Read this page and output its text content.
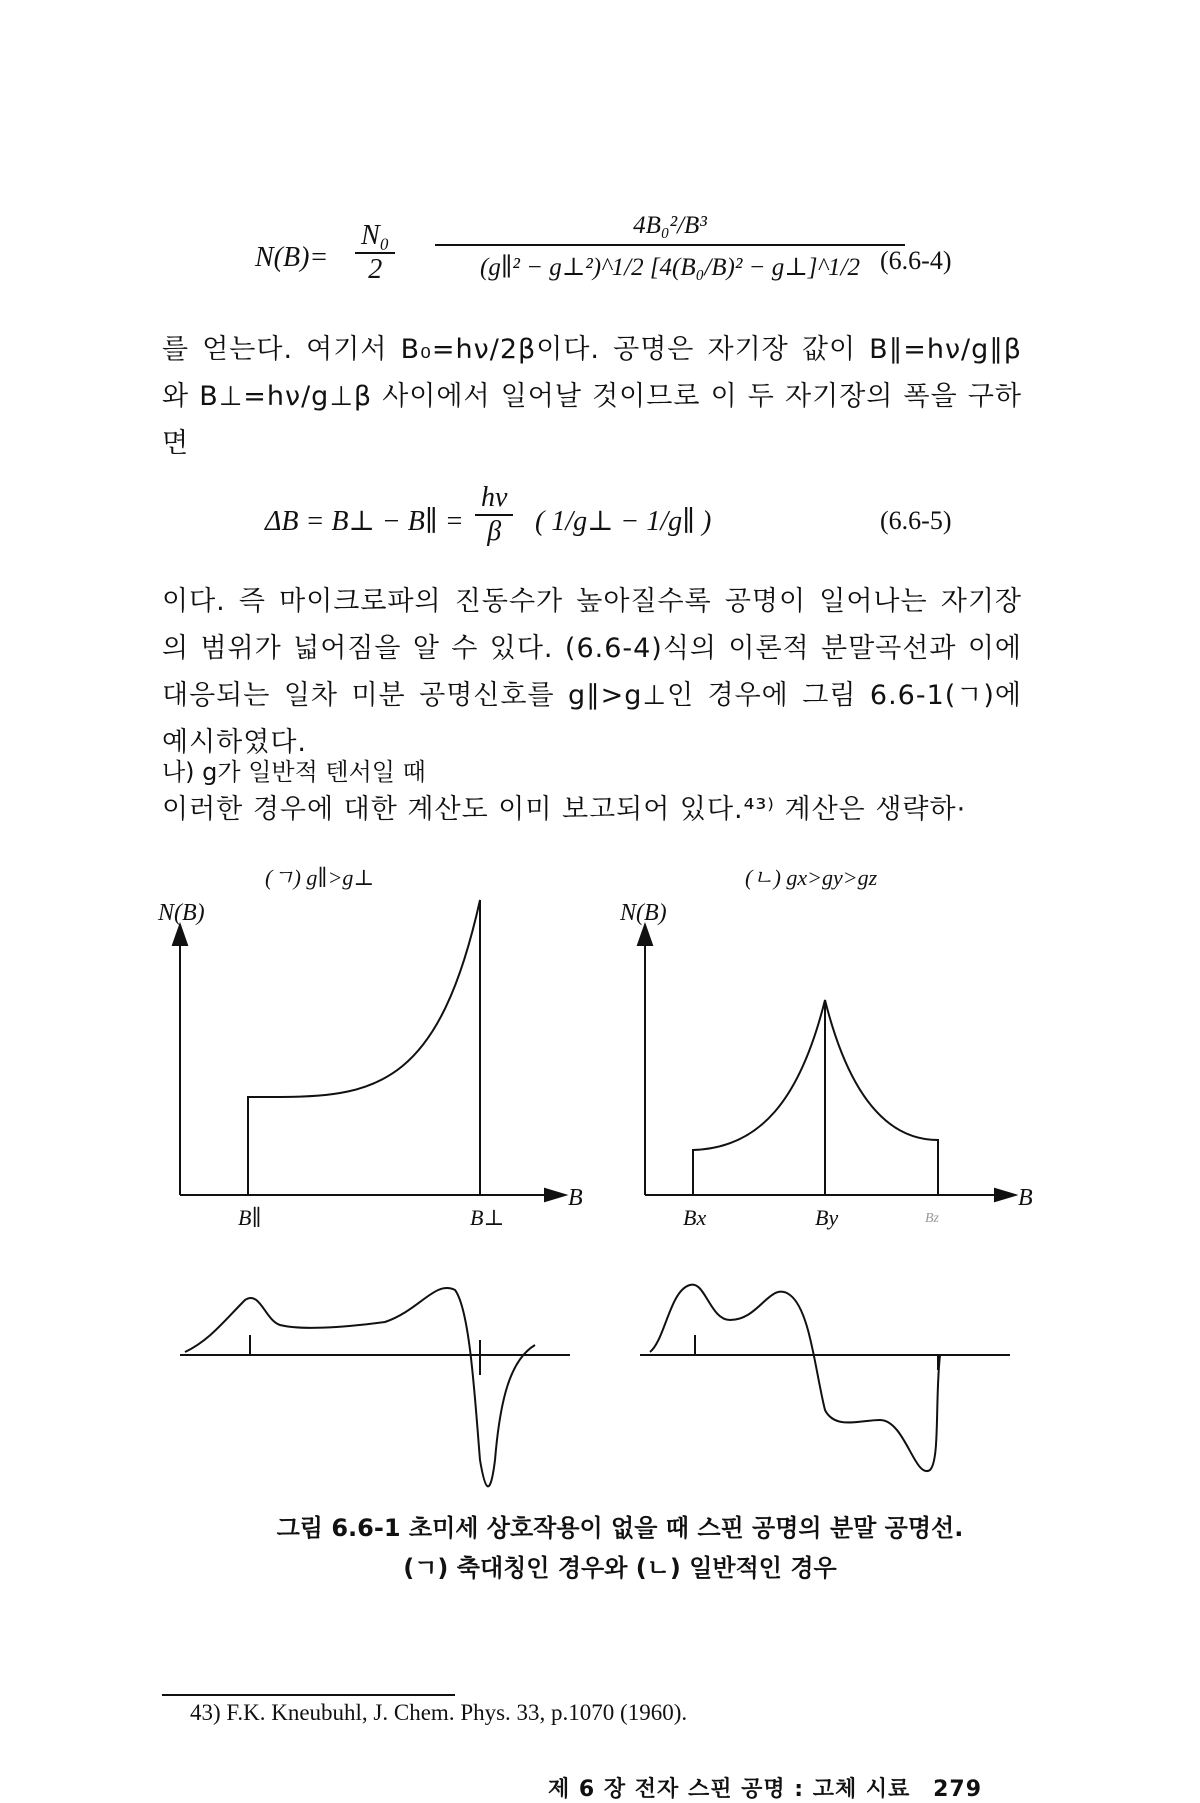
$N(B)= \frac{\text{N₀}}{2} \frac{\text{4B₀²/B³}}{\text{(g∥² − g⊥²)\textasciicircum{}1/2 [4(B₀/B)² − g⊥]\textasciicircum{}1/2}}$
(6.6-4)
를 얻는다. 여기서 B₀=hν/2β이다. 공명은 자기장 값이 B∥=hν/g∥β와 B⊥=hν/g⊥β 사이에서 일어날 것이므로 이 두 자기장의 폭을 구하면
ΔB = B⊥ − B∥ = $\frac{h\nu}{\beta}$ ( 1/g⊥ − 1/g∥ )	(6.6-5)
이다. 즉 마이크로파의 진동수가 높아질수록 공명이 일어나는 자기장의 범위가 넓어짐을 알 수 있다. (6.6-4)식의 이론적 분말곡선과 이에 대응되는 일차 미분 공명신호를 g∥>g⊥인 경우에 그림 6.6-1(ㄱ)에 예시하였다.
나) g가 일반적 텐서일 때
이러한 경우에 대한 계산도 이미 보고되어 있다.⁴³⁾ 계산은 생략하·
(ㄱ) g∥>g⊥
N(B)
B
B∥	B⊥
(ㄴ) gx>gy>gz
N(B)
B
Bx	By	Bz
그림 6.6-1 초미세 상호작용이 없을 때 스핀 공명의 분말 공명선.
(ㄱ) 축대칭인 경우와 (ㄴ) 일반적인 경우
43) F.K. Kneubuhl, J. Chem. Phys. 33, p.1070 (1960).
제 6 장 전자 스핀 공명 : 고체 시료 279
